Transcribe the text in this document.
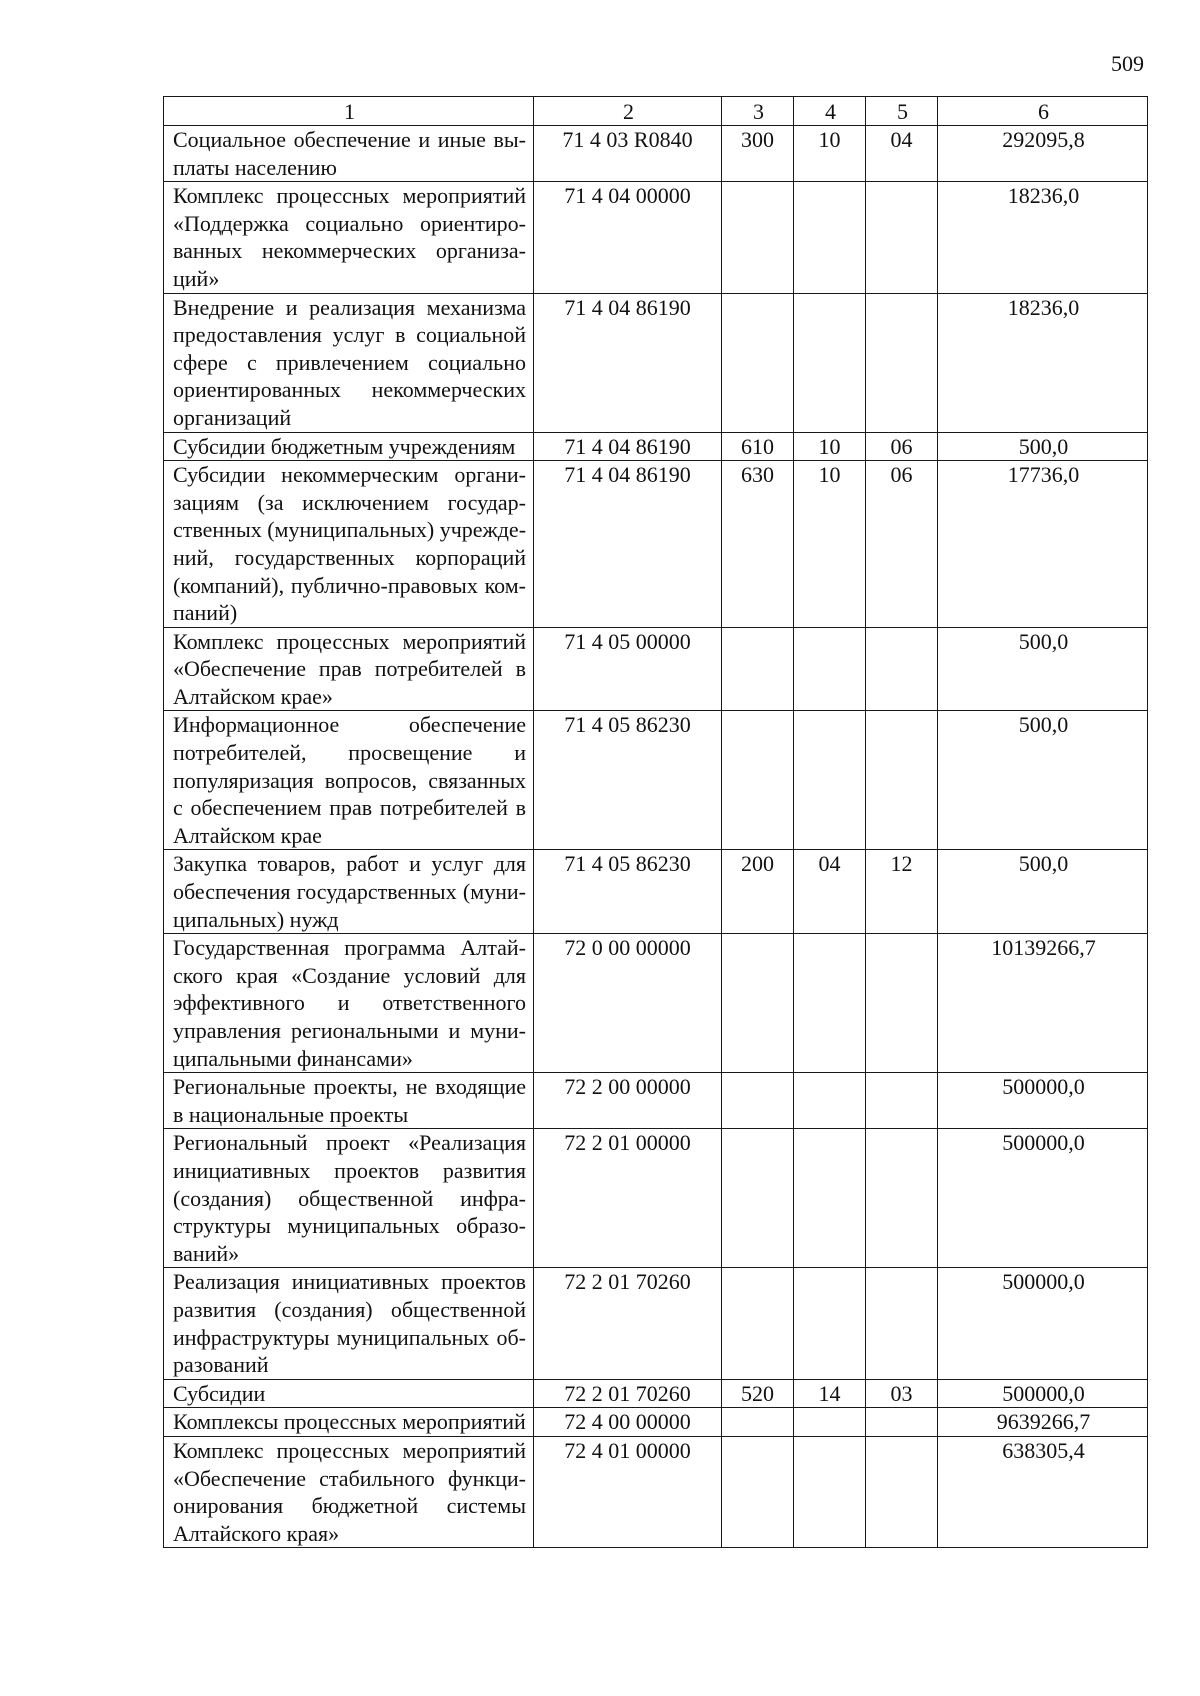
509
1	2	3	4	5	6
Социальное обеспечение и иные выплаты населению	71 4 03 R0840	300	10	04	292095,8
Комплекс процессных мероприятий «Поддержка социально ориентированных некоммерческих организаций»	71 4 04 00000				18236,0
Внедрение и реализация механизма предоставления услуг в социальной сфере с привлечением социально ориентированных некоммерческих организаций	71 4 04 86190				18236,0
Субсидии бюджетным учреждениям	71 4 04 86190	610	10	06	500,0
Субсидии некоммерческим организациям (за исключением государственных (муниципальных) учреждений, государственных корпораций (компаний), публично-правовых компаний)	71 4 04 86190	630	10	06	17736,0
Комплекс процессных мероприятий «Обеспечение прав потребителей в Алтайском крае»	71 4 05 00000				500,0
Информационное обеспечение потребителей, просвещение и популяризация вопросов, связанных с обеспечением прав потребителей в Алтайском крае	71 4 05 86230				500,0
Закупка товаров, работ и услуг для обеспечения государственных (муниципальных) нужд	71 4 05 86230	200	04	12	500,0
Государственная программа Алтайского края «Создание условий для эффективного и ответственного управления региональными и муниципальными финансами»	72 0 00 00000				10139266,7
Региональные проекты, не входящие в национальные проекты	72 2 00 00000				500000,0
Региональный проект «Реализация инициативных проектов развития (создания) общественной инфраструктуры муниципальных образований»	72 2 01 00000				500000,0
Реализация инициативных проектов развития (создания) общественной инфраструктуры муниципальных образований	72 2 01 70260				500000,0
Субсидии	72 2 01 70260	520	14	03	500000,0
Комплексы процессных мероприятий	72 4 00 00000				9639266,7
Комплекс процессных мероприятий «Обеспечение стабильного функционирования бюджетной системы Алтайского края»	72 4 01 00000				638305,4
